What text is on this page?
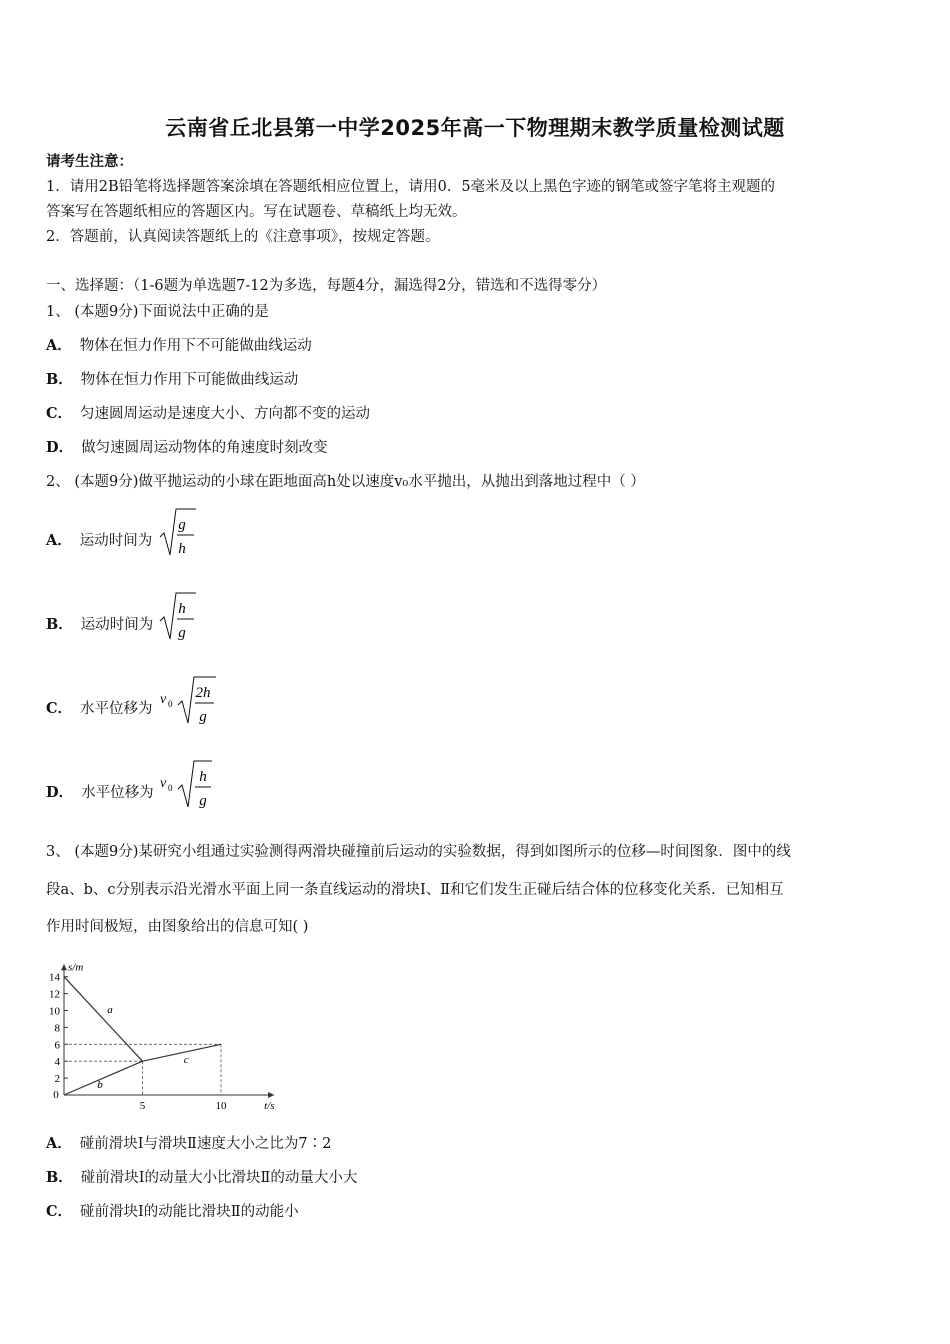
云南省丘北县第一中学2025年高一下物理期末教学质量检测试题
请考生注意：
1．请用2B铅笔将选择题答案涂填在答题纸相应位置上，请用0．5毫米及以上黑色字迹的钢笔或签字笔将主观题的
答案写在答题纸相应的答题区内。写在试题卷、草稿纸上均无效。
2．答题前，认真阅读答题纸上的《注意事项》，按规定答题。
一、选择题：（1-6题为单选题7-12为多选，每题4分，漏选得2分，错选和不选得零分）
1、 (本题9分)下面说法中正确的是
A． 物体在恒力作用下不可能做曲线运动
B． 物体在恒力作用下可能做曲线运动
C． 匀速圆周运动是速度大小、方向都不变的运动
D． 做匀速圆周运动物体的角速度时刻改变
2、 (本题9分)做平抛运动的小球在距地面高h处以速度v₀水平抛出，从抛出到落地过程中（ ）
A． 运动时间为
g
h
B． 运动时间为
h
g
C． 水平位移为
v 0
2h
g
D． 水平位移为
v 0
h
g
3、 (本题9分)某研究小组通过实验测得两滑块碰撞前后运动的实验数据，得到如图所示的位移—时间图象．图中的线
段a、b、c分别表示沿光滑水平面上同一条直线运动的滑块Ⅰ、Ⅱ和它们发生正碰后结合体的位移变化关系．已知相互
作用时间极短，由图象给出的信息可知( )
s/m
t/s
0
2
4
6
8
10
12
14
5	10
a
b
c
A． 碰前滑块Ⅰ与滑块Ⅱ速度大小之比为7∶2
B． 碰前滑块Ⅰ的动量大小比滑块Ⅱ的动量大小大
C． 碰前滑块Ⅰ的动能比滑块Ⅱ的动能小
